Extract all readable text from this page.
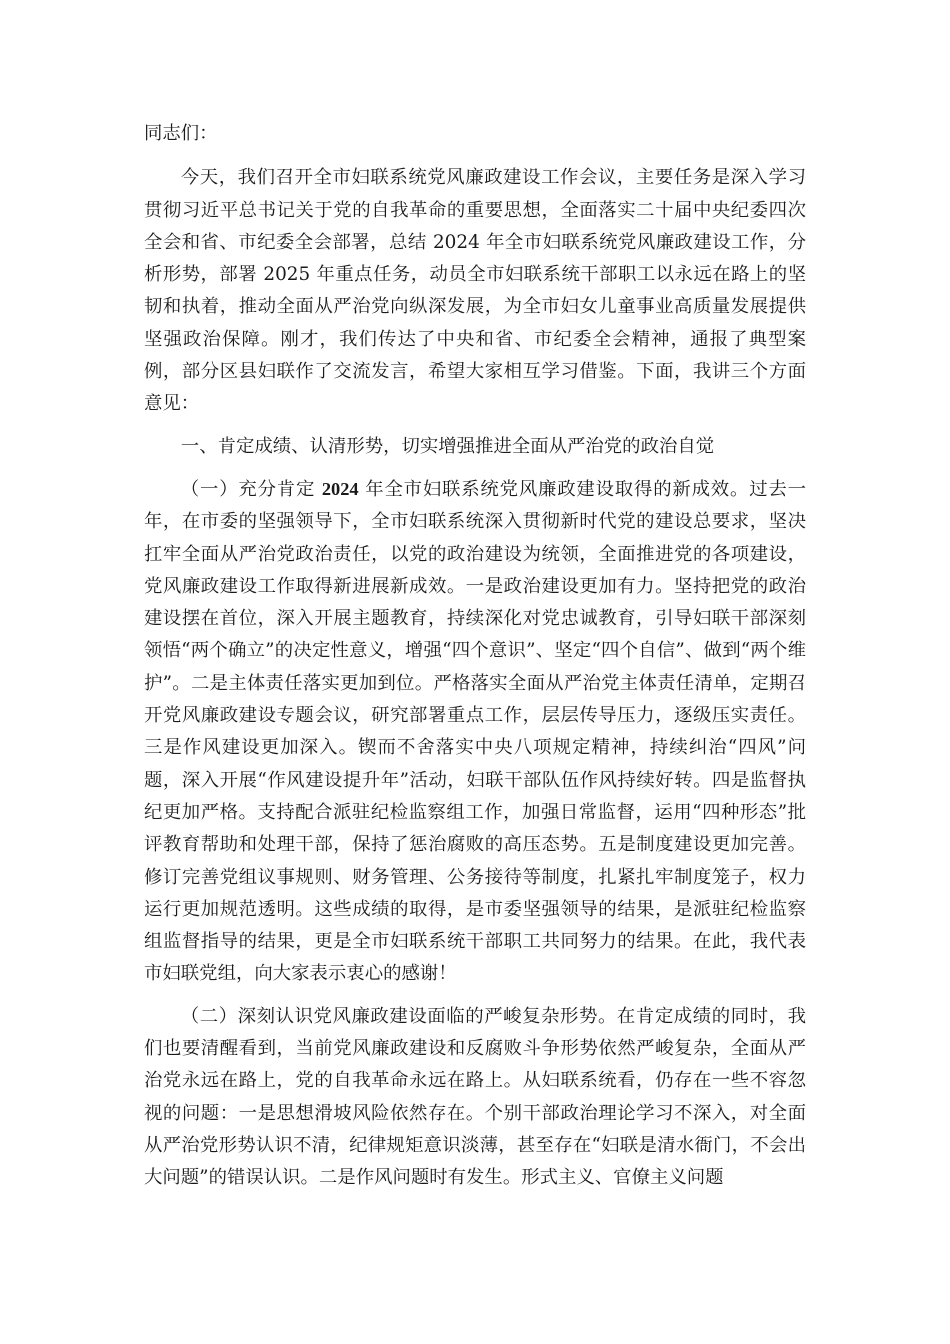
同志们：

今天，我们召开全市妇联系统党风廉政建设工作会议，主要任务是深入学习贯彻习近平总书记关于党的自我革命的重要思想，全面落实二十届中央纪委四次全会和省、市纪委全会部署，总结 2024 年全市妇联系统党风廉政建设工作，分析形势，部署 2025 年重点任务，动员全市妇联系统干部职工以永远在路上的坚韧和执着，推动全面从严治党向纵深发展，为全市妇女儿童事业高质量发展提供坚强政治保障。刚才，我们传达了中央和省、市纪委全会精神，通报了典型案例，部分区县妇联作了交流发言，希望大家相互学习借鉴。下面，我讲三个方面意见：

一、肯定成绩、认清形势，切实增强推进全面从严治党的政治自觉

（一）充分肯定 2024 年全市妇联系统党风廉政建设取得的新成效。过去一年，在市委的坚强领导下，全市妇联系统深入贯彻新时代党的建设总要求，坚决扛牢全面从严治党政治责任，以党的政治建设为统领，全面推进党的各项建设，党风廉政建设工作取得新进展新成效。一是政治建设更加有力。坚持把党的政治建设摆在首位，深入开展主题教育，持续深化对党忠诚教育，引导妇联干部深刻领悟“两个确立”的决定性意义，增强“四个意识”、坚定“四个自信”、做到“两个维护”。二是主体责任落实更加到位。严格落实全面从严治党主体责任清单，定期召开党风廉政建设专题会议，研究部署重点工作，层层传导压力，逐级压实责任。三是作风建设更加深入。锲而不舍落实中央八项规定精神，持续纠治“四风”问题，深入开展“作风建设提升年”活动，妇联干部队伍作风持续好转。四是监督执纪更加严格。支持配合派驻纪检监察组工作，加强日常监督，运用“四种形态”批评教育帮助和处理干部，保持了惩治腐败的高压态势。五是制度建设更加完善。修订完善党组议事规则、财务管理、公务接待等制度，扎紧扎牢制度笼子，权力运行更加规范透明。这些成绩的取得，是市委坚强领导的结果，是派驻纪检监察组监督指导的结果，更是全市妇联系统干部职工共同努力的结果。在此，我代表市妇联党组，向大家表示衷心的感谢！

（二）深刻认识党风廉政建设面临的严峻复杂形势。在肯定成绩的同时，我们也要清醒看到，当前党风廉政建设和反腐败斗争形势依然严峻复杂，全面从严治党永远在路上，党的自我革命永远在路上。从妇联系统看，仍存在一些不容忽视的问题：一是思想滑坡风险依然存在。个别干部政治理论学习不深入，对全面从严治党形势认识不清，纪律规矩意识淡薄，甚至存在“妇联是清水衙门，不会出大问题”的错误认识。二是作风问题时有发生。形式主义、官僚主义问题
